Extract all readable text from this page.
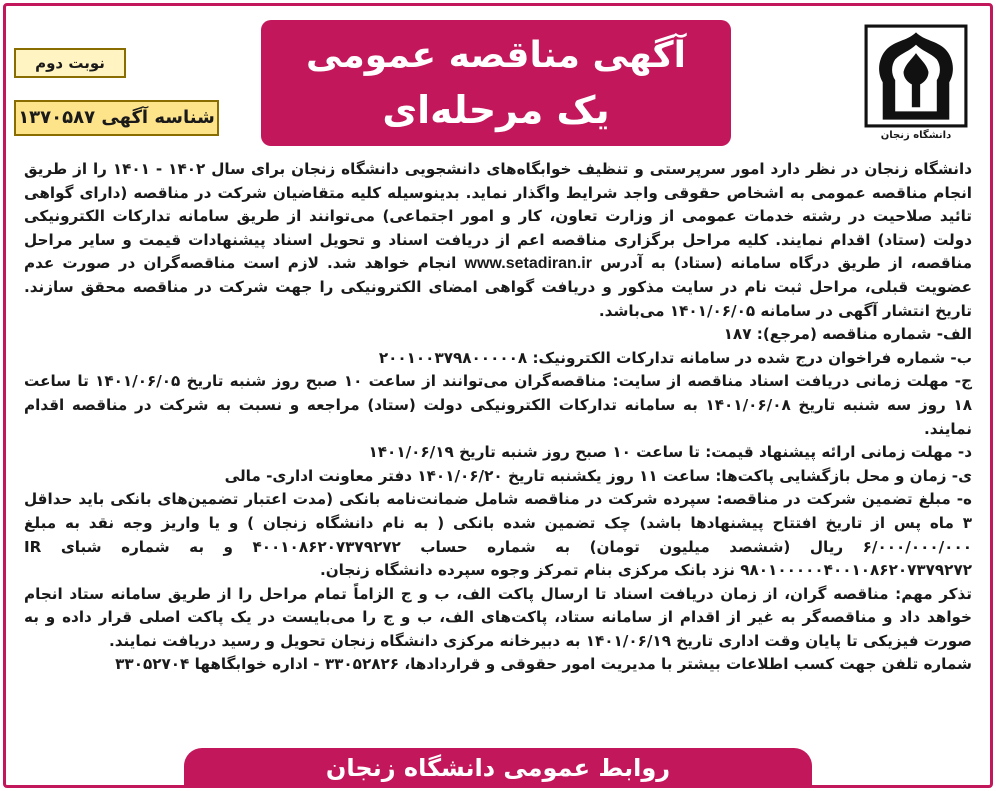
نوبت دوم
شناسه آگهی ۱۳۷۰۵۸۷
آگهی مناقصه عمومی
یک مرحله‌ای
دانشگاه زنجان

دانشگاه زنجان در نظر دارد امور سرپرستی و تنظیف خوابگاه‌های دانشجویی دانشگاه زنجان برای سال ۱۴۰۲ - ۱۴۰۱ را از طریق انجام مناقصه عمومی به اشخاص حقوقی واجد شرایط واگذار نماید. بدینوسیله کلیه متقاضیان شرکت در مناقصه (دارای گواهی تائید صلاحیت در رشته خدمات عمومی از وزارت تعاون، کار و امور اجتماعی) می‌توانند از طریق سامانه تدارکات الکترونیکی دولت (ستاد) اقدام نمایند. کلیه مراحل برگزاری مناقصه اعم از دریافت اسناد و تحویل اسناد پیشنهادات قیمت و سایر مراحل مناقصه، از طریق درگاه سامانه (ستاد) به آدرس www.setadiran.ir انجام خواهد شد. لازم است مناقصه‌گران در صورت عدم عضویت قبلی، مراحل ثبت نام در سایت مذکور و دریافت گواهی امضای الکترونیکی را جهت شرکت در مناقصه محقق سازند. تاریخ انتشار آگهی در سامانه ۱۴۰۱/۰۶/۰۵ می‌باشد.

الف- شماره مناقصه (مرجع): ۱۸۷

ب- شماره فراخوان درج شده در سامانه تدارکات الکترونیک: ۲۰۰۱۰۰۳۷۹۸۰۰۰۰۰۸

ج- مهلت زمانی دریافت اسناد مناقصه از سایت: مناقصه‌گران می‌توانند از ساعت ۱۰ صبح روز شنبه تاریخ ۱۴۰۱/۰۶/۰۵ تا ساعت ۱۸ روز سه شنبه تاریخ ۱۴۰۱/۰۶/۰۸ به سامانه تدارکات الکترونیکی دولت (ستاد) مراجعه و نسبت به شرکت در مناقصه اقدام نمایند.

د- مهلت زمانی ارائه پیشنهاد قیمت: تا ساعت ۱۰ صبح روز شنبه تاریخ ۱۴۰۱/۰۶/۱۹

ی- زمان و محل بازگشایی پاکت‌ها: ساعت ۱۱ روز یکشنبه تاریخ ۱۴۰۱/۰۶/۲۰ دفتر معاونت اداری- مالی

ه- مبلغ تضمین شرکت در مناقصه: سپرده شرکت در مناقصه شامل ضمانت‌نامه بانکی (مدت اعتبار تضمین‌های بانکی باید حداقل ۳ ماه پس از تاریخ افتتاح پیشنهادها باشد) چک تضمین شده بانکی ( به نام دانشگاه زنجان ) و یا واریز وجه نقد به مبلغ ۶/۰۰۰/۰۰۰/۰۰۰ ریال (ششصد میلیون تومان) به شماره حساب ۴۰۰۱۰۸۶۲۰۷۳۷۹۲۷۲ و به شماره شبای IR ۹۸۰۱۰۰۰۰۰۴۰۰۱۰۸۶۲۰۷۳۷۹۲۷۲ نزد بانک مرکزی بنام تمرکز وجوه سپرده دانشگاه زنجان.

تذکر مهم: مناقصه گران، از زمان دریافت اسناد تا ارسال پاکت الف، ب و ج الزاماً تمام مراحل را از طریق سامانه ستاد انجام خواهد داد و مناقصه‌گر به غیر از اقدام از سامانه ستاد، پاکت‌های الف، ب و ج را می‌بایست در یک پاکت اصلی قرار داده و به صورت فیزیکی تا پایان وقت اداری تاریخ ۱۴۰۱/۰۶/۱۹ به دبیرخانه مرکزی دانشگاه زنجان تحویل و رسید دریافت نمایند.

شماره تلفن جهت کسب اطلاعات بیشتر با مدیریت امور حقوقی و قراردادها، ۳۳۰۵۲۸۲۶ - اداره خوابگاهها ۳۳۰۵۲۷۰۴

روابط عمومی دانشگاه زنجان
